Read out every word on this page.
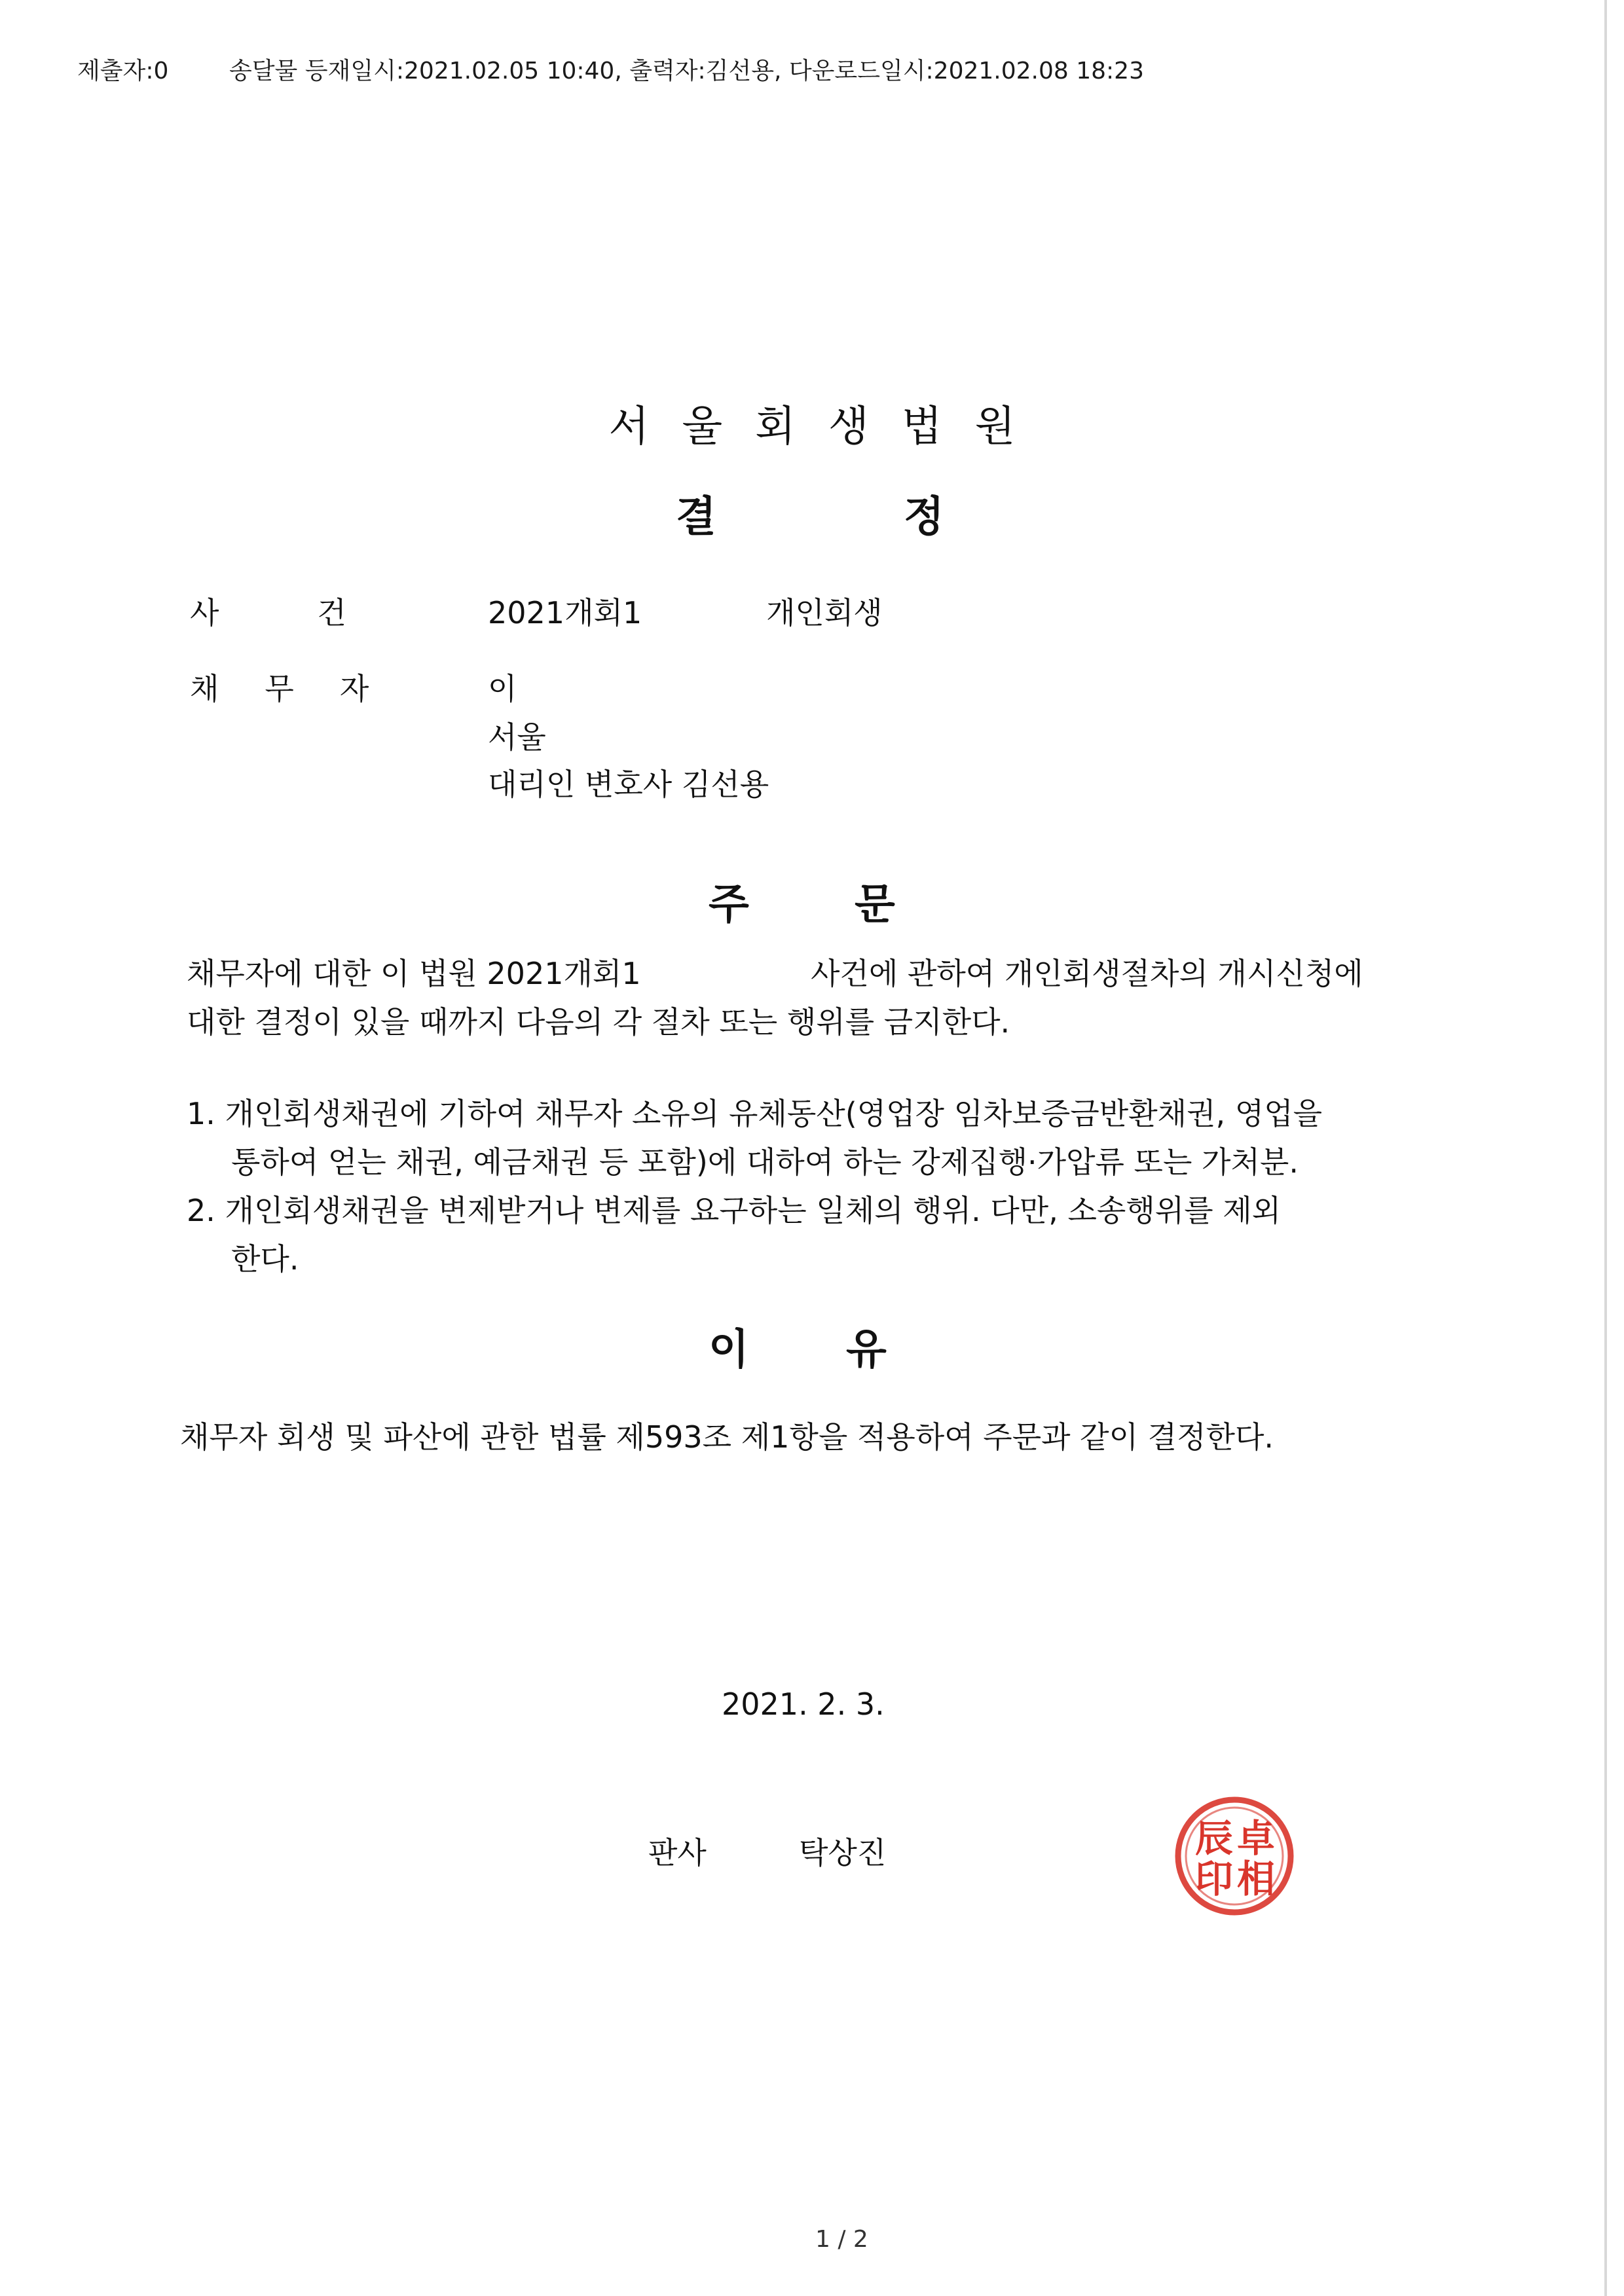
제출자:0	송달물 등재일시:2021.02.05 10:40, 출력자:김선용, 다운로드일시:2021.02.08 18:23
서울회생법원
결	정
사건 2021개회1	개인회생
채무자 이
서울
대리인 변호사 김선용
주	문
채무자에 대한 이 법원 2021개회1	사건에 관하여 개인회생절차의 개시신청에
대한 결정이 있을 때까지 다음의 각 절차 또는 행위를 금지한다.
1. 개인회생채권에 기하여 채무자 소유의 유체동산(영업장 임차보증금반환채권, 영업을
통하여 얻는 채권, 예금채권 등 포함)에 대하여 하는 강제집행·가압류 또는 가처분.
2. 개인회생채권을 변제받거나 변제를 요구하는 일체의 행위. 다만, 소송행위를 제외
한다.
이 유
채무자 회생 및 파산에 관한 법률 제593조 제1항을 적용하여 주문과 같이 결정한다.
2021. 2. 3.
판사	탁상진	卓
相
辰
印
1 / 2
